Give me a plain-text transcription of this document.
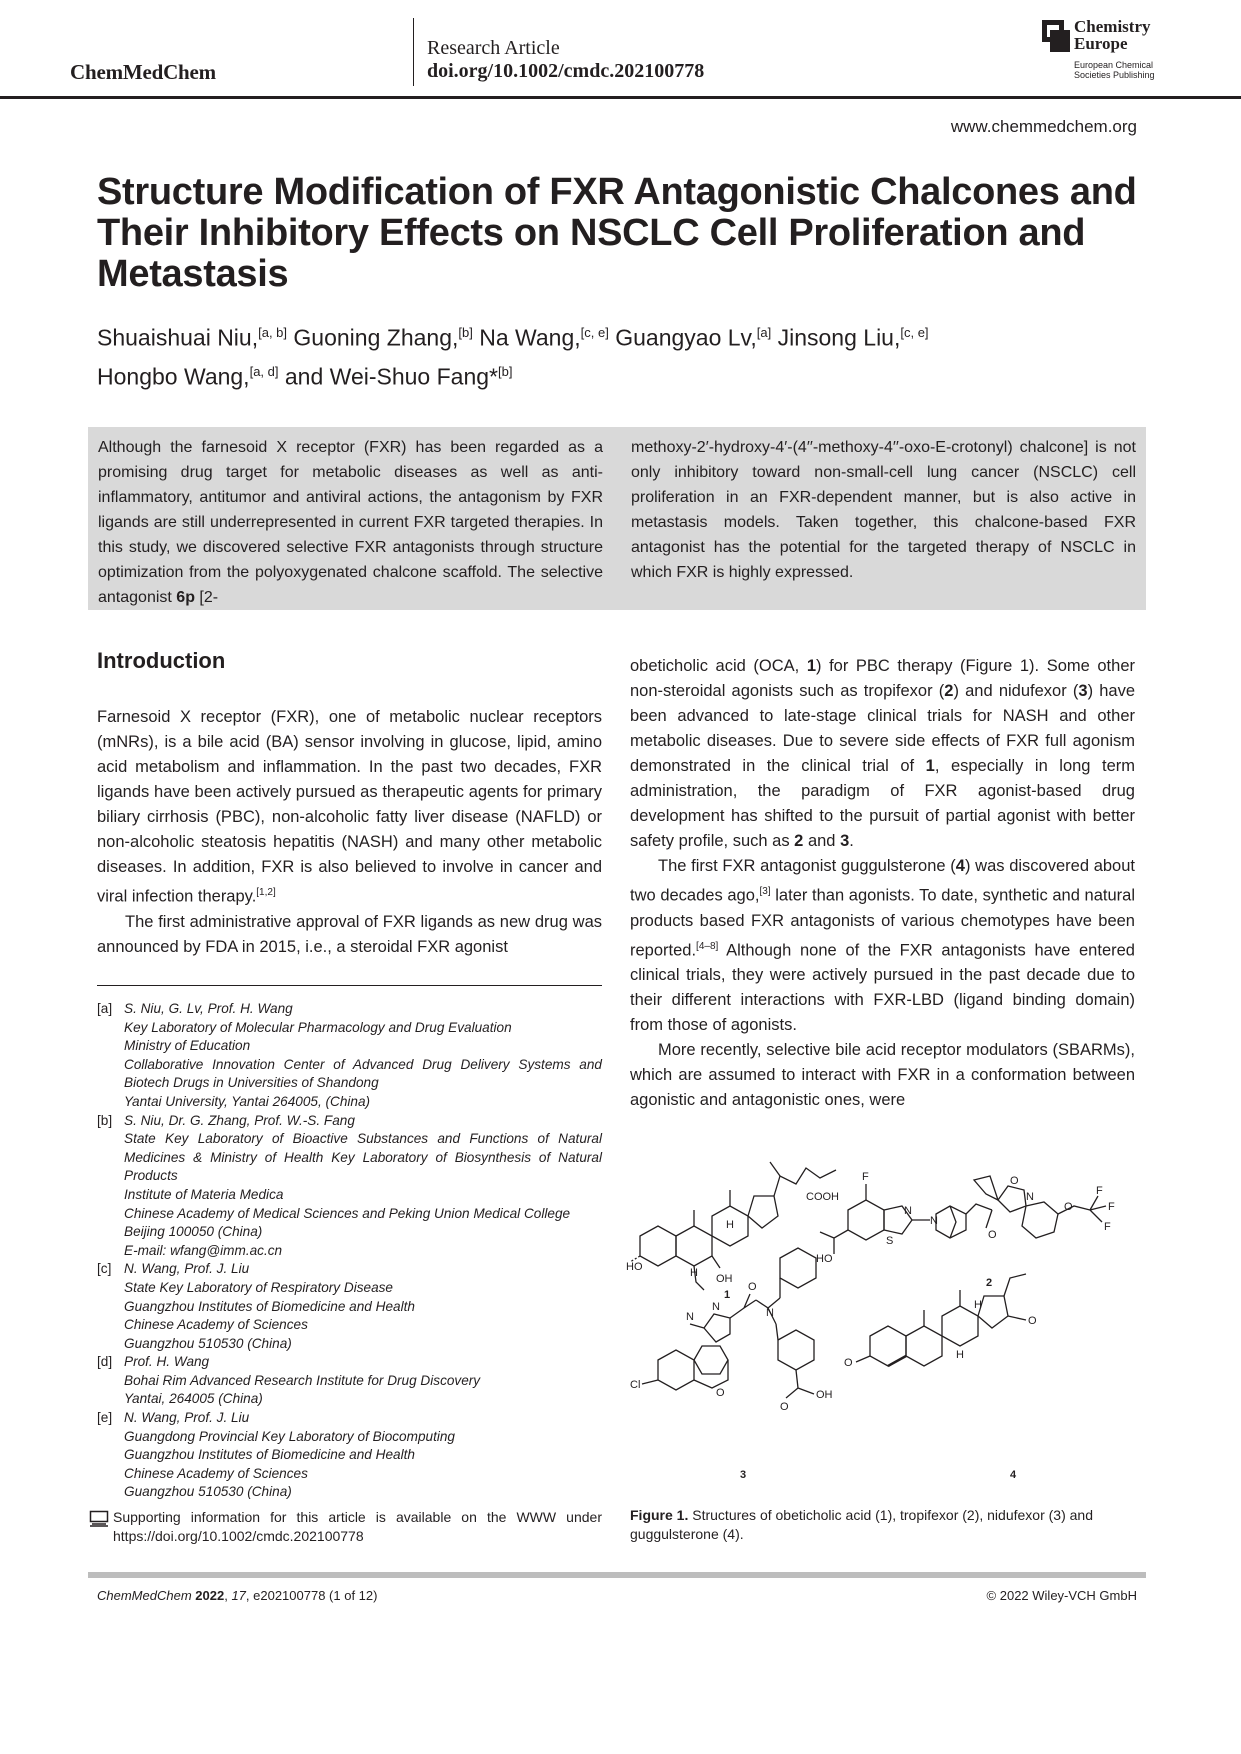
ChemMedChem
Research Article
doi.org/10.1002/cmdc.202100778
Chemistry
Europe
European Chemical
Societies Publishing
www.chemmedchem.org
Structure Modification of FXR Antagonistic Chalcones and Their Inhibitory Effects on NSCLC Cell Proliferation and Metastasis
Shuaishuai Niu,[a, b] Guoning Zhang,[b] Na Wang,[c, e] Guangyao Lv,[a] Jinsong Liu,[c, e]
Hongbo Wang,[a, d] and Wei-Shuo Fang*[b]
Although the farnesoid X receptor (FXR) has been regarded as a promising drug target for metabolic diseases as well as anti-inflammatory, antitumor and antiviral actions, the antagonism by FXR ligands are still underrepresented in current FXR targeted therapies. In this study, we discovered selective FXR antagonists through structure optimization from the polyoxygenated chalcone scaffold. The selective antagonist 6p [2-
methoxy-2′-hydroxy-4′-(4′′-methoxy-4′′-oxo-E-crotonyl) chalcone] is not only inhibitory toward non-small-cell lung cancer (NSCLC) cell proliferation in an FXR-dependent manner, but is also active in metastasis models. Taken together, this chalcone-based FXR antagonist has the potential for the targeted therapy of NSCLC in which FXR is highly expressed.
Introduction

Farnesoid X receptor (FXR), one of metabolic nuclear receptors (mNRs), is a bile acid (BA) sensor involving in glucose, lipid, amino acid metabolism and inflammation. In the past two decades, FXR ligands have been actively pursued as therapeutic agents for primary biliary cirrhosis (PBC), non-alcoholic fatty liver disease (NAFLD) or non-alcoholic steatosis hepatitis (NASH) and many other metabolic diseases. In addition, FXR is also believed to involve in cancer and viral infection therapy.[1,2]

The first administrative approval of FXR ligands as new drug was announced by FDA in 2015, i.e., a steroidal FXR agonist

[a] S. Niu, G. Lv, Prof. H. Wang
Key Laboratory of Molecular Pharmacology and Drug Evaluation
Ministry of Education
Collaborative Innovation Center of Advanced Drug Delivery Systems and Biotech Drugs in Universities of Shandong
Yantai University, Yantai 264005, (China)
[b] S. Niu, Dr. G. Zhang, Prof. W.-S. Fang
State Key Laboratory of Bioactive Substances and Functions of Natural Medicines & Ministry of Health Key Laboratory of Biosynthesis of Natural Products
Institute of Materia Medica
Chinese Academy of Medical Sciences and Peking Union Medical College
Beijing 100050 (China)
E-mail: wfang@imm.ac.cn
[c] N. Wang, Prof. J. Liu
State Key Laboratory of Respiratory Disease
Guangzhou Institutes of Biomedicine and Health
Chinese Academy of Sciences
Guangzhou 510530 (China)
[d] Prof. H. Wang
Bohai Rim Advanced Research Institute for Drug Discovery
Yantai, 264005 (China)
[e] N. Wang, Prof. J. Liu
Guangdong Provincial Key Laboratory of Biocomputing
Guangzhou Institutes of Biomedicine and Health
Chinese Academy of Sciences
Guangzhou 510530 (China)
Supporting information for this article is available on the WWW under https://doi.org/10.1002/cmdc.202100778

obeticholic acid (OCA, 1) for PBC therapy (Figure 1). Some other non-steroidal agonists such as tropifexor (2) and nidufexor (3) have been advanced to late-stage clinical trials for NASH and other metabolic diseases. Due to severe side effects of FXR full agonism demonstrated in the clinical trial of 1, especially in long term administration, the paradigm of FXR agonist-based drug development has shifted to the pursuit of partial agonist with better safety profile, such as 2 and 3.

The first FXR antagonist guggulsterone (4) was discovered about two decades ago,[3] later than agonists. To date, synthetic and natural products based FXR antagonists of various chemotypes have been reported.[4–8] Although none of the FXR antagonists have entered clinical trials, they were actively pursued in the past decade due to their different interactions with FXR-LBD (ligand binding domain) from those of agonists.

More recently, selective bile acid receptor modulators (SBARMs), which are assumed to interact with FXR in a conformation between agonistic and antagonistic ones, were

COOH
HO
OH
H
H
F
HO
S
N
N
O
O
N	F
F
F
O
N
N
O
N
O
Cl
OH
O
O
O
H
H
1
2
3	4
Figure 1. Structures of obeticholic acid (1), tropifexor (2), nidufexor (3) and guggulsterone (4).
ChemMedChem 2022, 17, e202100778 (1 of 12)	© 2022 Wiley-VCH GmbH
